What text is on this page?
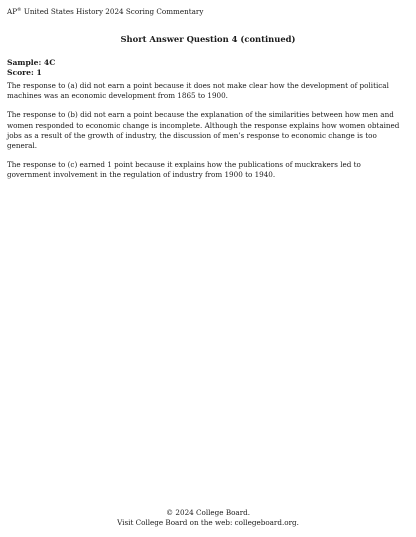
AP® United States History 2024 Scoring Commentary
Short Answer Question 4 (continued)
Sample: 4C
Score: 1

The response to (a) did not earn a point because it does not make clear how the development of political machines was an economic development from 1865 to 1900.

The response to (b) did not earn a point because the explanation of the similarities between how men and women responded to economic change is incomplete. Although the response explains how women obtained jobs as a result of the growth of industry, the discussion of men’s response to economic change is too general.

The response to (c) earned 1 point because it explains how the publications of muckrakers led to government involvement in the regulation of industry from 1900 to 1940.

© 2024 College Board.
Visit College Board on the web: collegeboard.org.
